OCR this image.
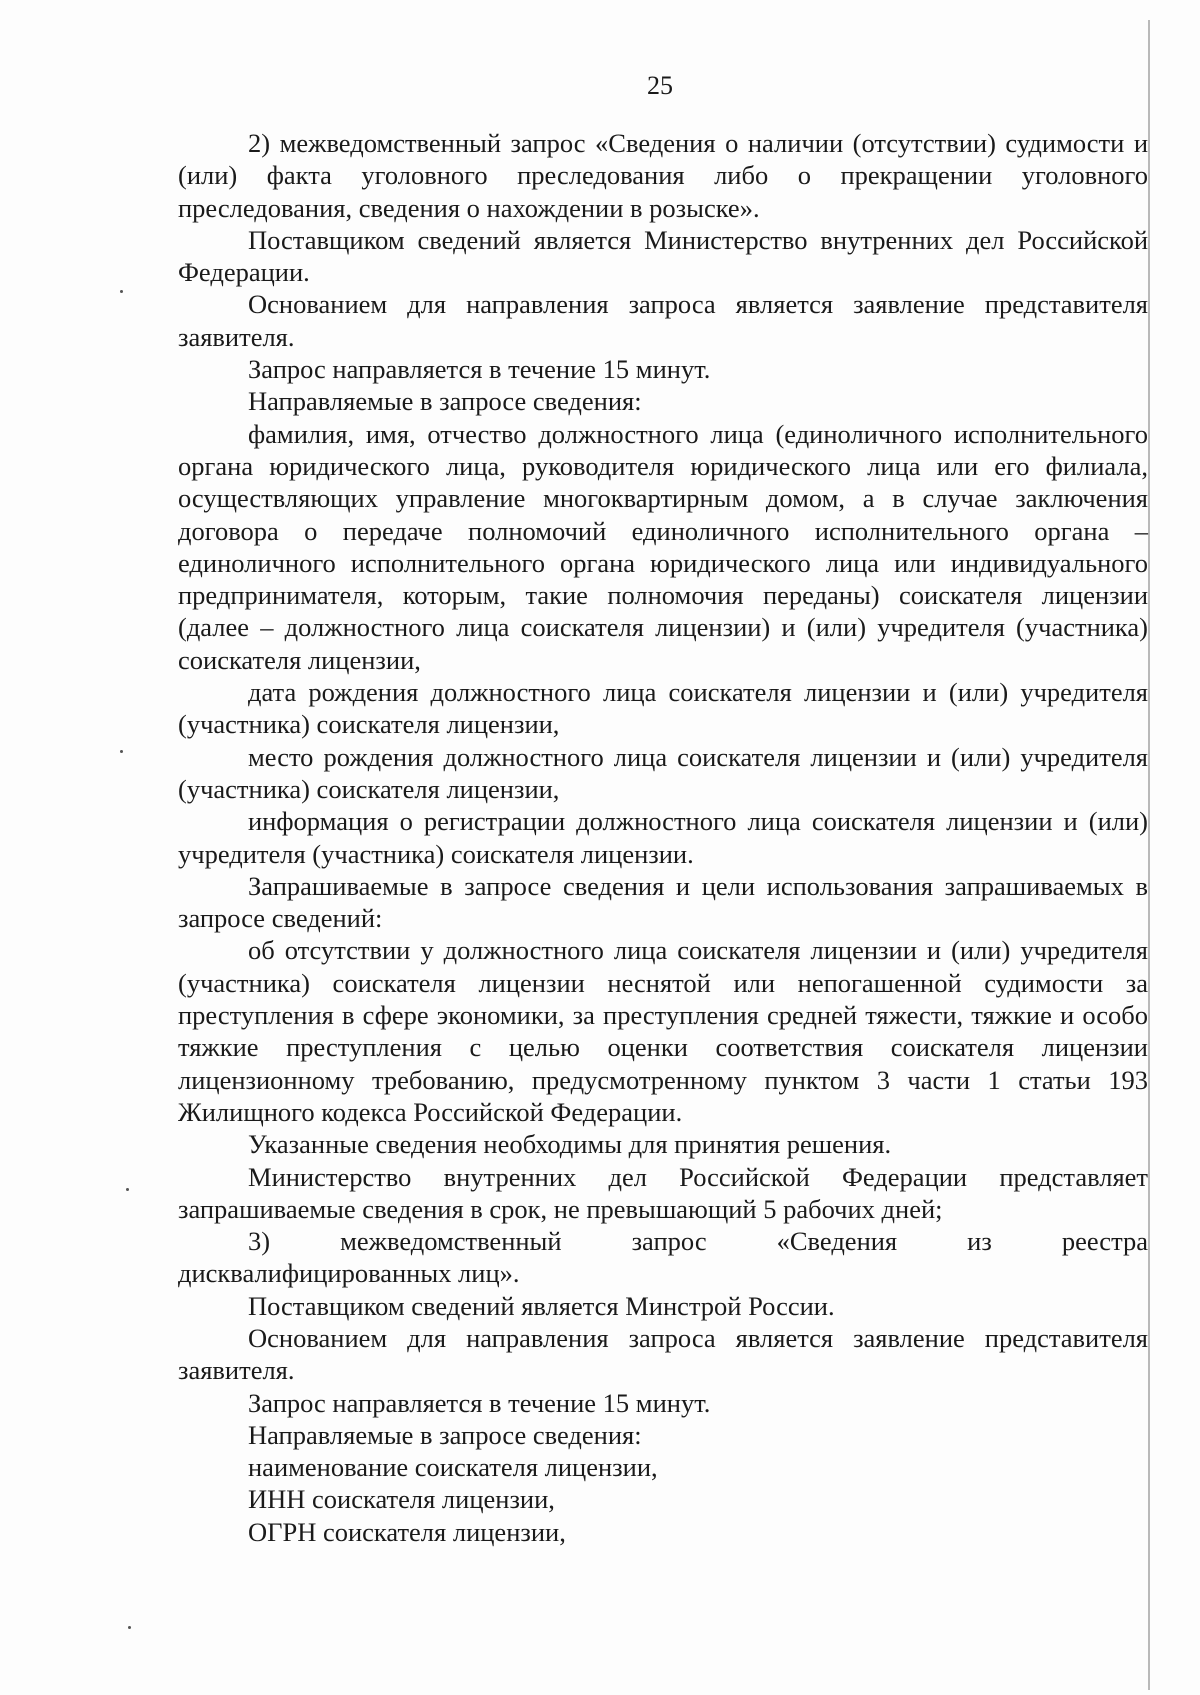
25

2) межведомственный запрос «Сведения о наличии (отсутствии) судимости и (или) факта уголовного преследования либо о прекращении уголовного преследования, сведения о нахождении в розыске».

Поставщиком сведений является Министерство внутренних дел Российской Федерации.

Основанием для направления запроса является заявление представителя заявителя.

Запрос направляется в течение 15 минут.

Направляемые в запросе сведения:

фамилия, имя, отчество должностного лица (единоличного исполнительного органа юридического лица, руководителя юридического лица или его филиала, осуществляющих управление многоквартирным домом, а в случае заключения договора о передаче полномочий единоличного исполнительного органа – единоличного исполнительного органа юридического лица или индивидуального предпринимателя, которым, такие полномочия переданы) соискателя лицензии (далее – должностного лица соискателя лицензии) и (или) учредителя (участника) соискателя лицензии,

дата рождения должностного лица соискателя лицензии и (или) учредителя (участника) соискателя лицензии,

место рождения должностного лица соискателя лицензии и (или) учредителя (участника) соискателя лицензии,

информация о регистрации должностного лица соискателя лицензии и (или) учредителя (участника) соискателя лицензии.

Запрашиваемые в запросе сведения и цели использования запрашиваемых в запросе сведений:

об отсутствии у должностного лица соискателя лицензии и (или) учредителя (участника) соискателя лицензии неснятой или непогашенной судимости за преступления в сфере экономики, за преступления средней тяжести, тяжкие и особо тяжкие преступления с целью оценки соответствия соискателя лицензии лицензионному требованию, предусмотренному пунктом 3 части 1 статьи 193 Жилищного кодекса Российской Федерации.

Указанные сведения необходимы для принятия решения.

Министерство внутренних дел Российской Федерации представляет запрашиваемые сведения в срок, не превышающий 5 рабочих дней;

3)	межведомственный	запрос	«Сведения	из	реестра

дисквалифицированных лиц».

Поставщиком сведений является Минстрой России.

Основанием для направления запроса является заявление представителя заявителя.

Запрос направляется в течение 15 минут.

Направляемые в запросе сведения:

наименование соискателя лицензии,

ИНН соискателя лицензии,

ОГРН соискателя лицензии,
